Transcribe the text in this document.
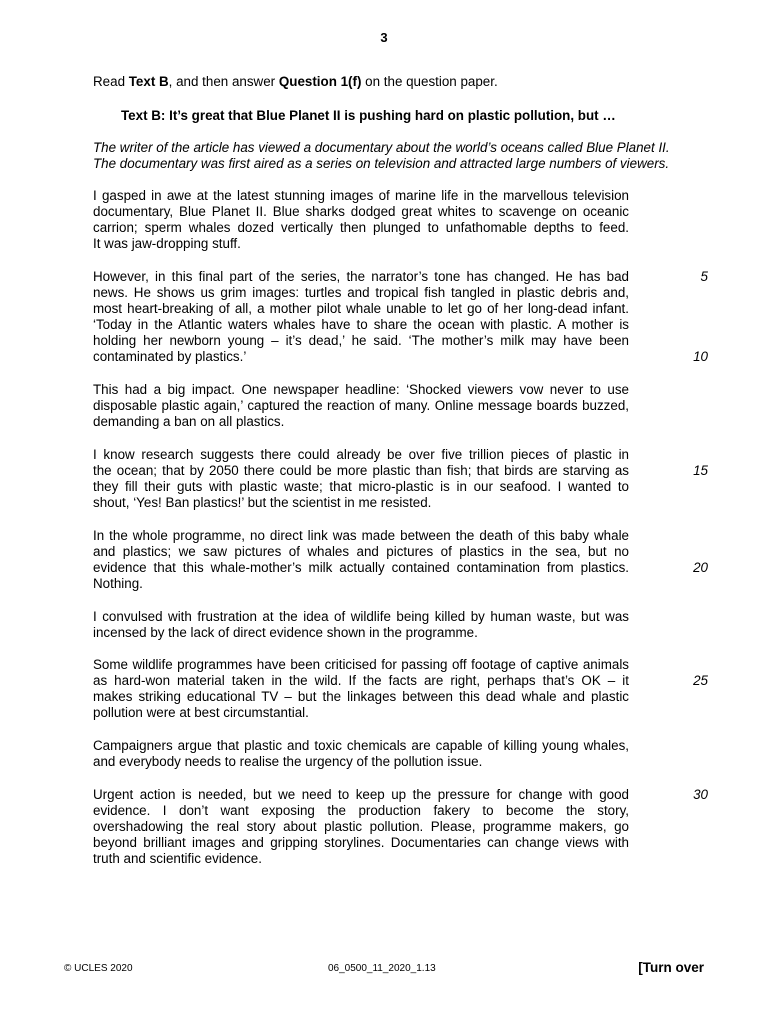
3
Read Text B, and then answer Question 1(f) on the question paper.
Text B: It’s great that Blue Planet II is pushing hard on plastic pollution, but …
The writer of the article has viewed a documentary about the world’s oceans called Blue Planet II.
The documentary was first aired as a series on television and attracted large numbers of viewers.
I gasped in awe at the latest stunning images of marine life in the marvellous television
documentary, Blue Planet II. Blue sharks dodged great whites to scavenge on oceanic
carrion; sperm whales dozed vertically then plunged to unfathomable depths to feed.
It was jaw-dropping stuff.
However, in this final part of the series, the narrator’s tone has changed. He has bad
news. He shows us grim images: turtles and tropical fish tangled in plastic debris and,
most heart-breaking of all, a mother pilot whale unable to let go of her long-dead infant.
‘Today in the Atlantic waters whales have to share the ocean with plastic. A mother is
holding her newborn young – it’s dead,’ he said. ‘The mother’s milk may have been
contaminated by plastics.’
This had a big impact. One newspaper headline: ‘Shocked viewers vow never to use
disposable plastic again,’ captured the reaction of many. Online message boards buzzed,
demanding a ban on all plastics.
I know research suggests there could already be over five trillion pieces of plastic in
the ocean; that by 2050 there could be more plastic than fish; that birds are starving as
they fill their guts with plastic waste; that micro-plastic is in our seafood. I wanted to
shout, ‘Yes! Ban plastics!’ but the scientist in me resisted.
In the whole programme, no direct link was made between the death of this baby whale
and plastics; we saw pictures of whales and pictures of plastics in the sea, but no
evidence that this whale-mother’s milk actually contained contamination from plastics.
Nothing.
I convulsed with frustration at the idea of wildlife being killed by human waste, but was
incensed by the lack of direct evidence shown in the programme.
Some wildlife programmes have been criticised for passing off footage of captive animals
as hard-won material taken in the wild. If the facts are right, perhaps that’s OK – it
makes striking educational TV – but the linkages between this dead whale and plastic
pollution were at best circumstantial.
Campaigners argue that plastic and toxic chemicals are capable of killing young whales,
and everybody needs to realise the urgency of the pollution issue.
Urgent action is needed, but we need to keep up the pressure for change with good
evidence. I don’t want exposing the production fakery to become the story,
overshadowing the real story about plastic pollution. Please, programme makers, go
beyond brilliant images and gripping storylines. Documentaries can change views with
truth and scientific evidence.
5
10
15
20
25
30
© UCLES 2020	06_0500_11_2020_1.13	[Turn over
